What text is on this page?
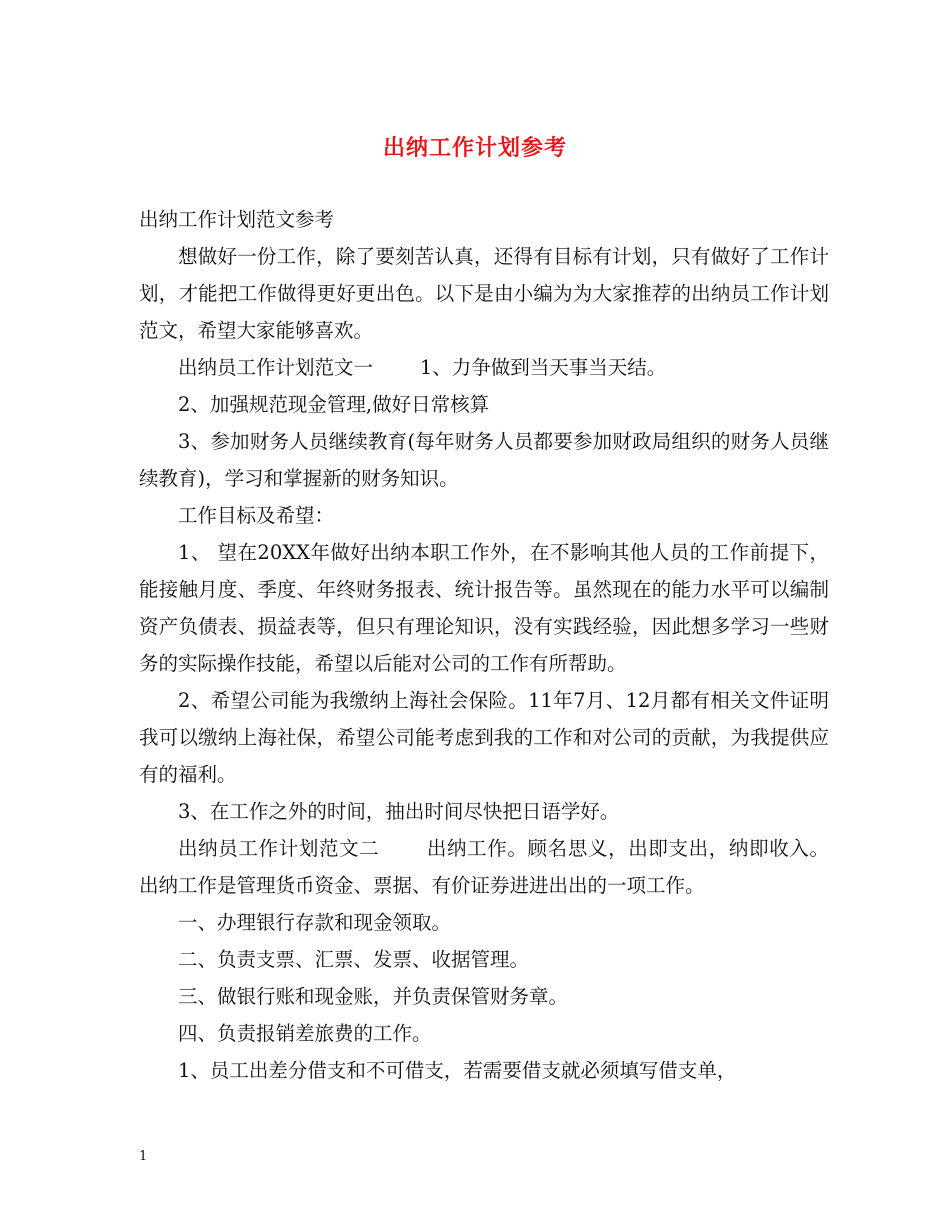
出纳工作计划参考

出纳工作计划范文参考

想做好一份工作，除了要刻苦认真，还得有目标有计划，只有做好了工作计划，才能把工作做得更好更出色。以下是由小编为为大家推荐的出纳员工作计划范文，希望大家能够喜欢。

出纳员工作计划范文一 1、力争做到当天事当天结。

2、加强规范现金管理,做好日常核算

3、参加财务人员继续教育(每年财务人员都要参加财政局组织的财务人员继续教育)，学习和掌握新的财务知识。

工作目标及希望：

1、 望在20XX年做好出纳本职工作外，在不影响其他人员的工作前提下，能接触月度、季度、年终财务报表、统计报告等。虽然现在的能力水平可以编制资产负债表、损益表等，但只有理论知识，没有实践经验，因此想多学习一些财务的实际操作技能，希望以后能对公司的工作有所帮助。

2、希望公司能为我缴纳上海社会保险。11年7月、12月都有相关文件证明我可以缴纳上海社保，希望公司能考虑到我的工作和对公司的贡献，为我提供应有的福利。

3、在工作之外的时间，抽出时间尽快把日语学好。

出纳员工作计划范文二 出纳工作。顾名思义，出即支出，纳即收入。出纳工作是管理货币资金、票据、有价证券进进出出的一项工作。

一、办理银行存款和现金领取。

二、负责支票、汇票、发票、收据管理。

三、做银行账和现金账，并负责保管财务章。

四、负责报销差旅费的工作。

1、员工出差分借支和不可借支，若需要借支就必须填写借支单，

1
